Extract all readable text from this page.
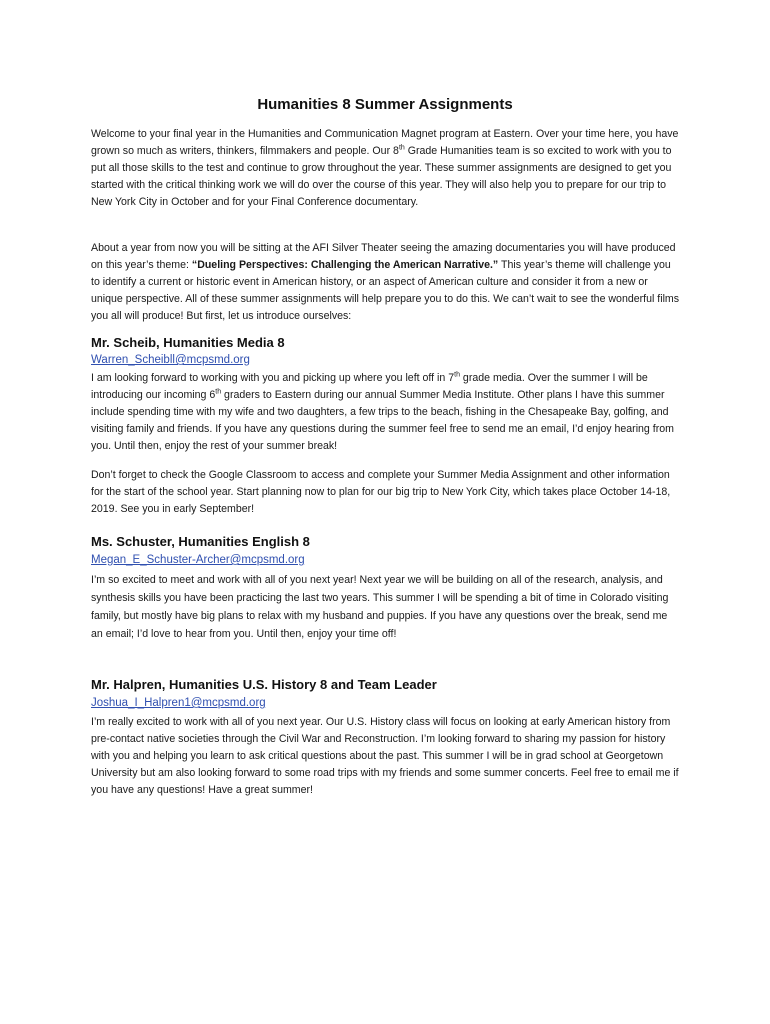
Humanities 8 Summer Assignments

Welcome to your final year in the Humanities and Communication Magnet program at Eastern. Over your time here, you have grown so much as writers, thinkers, filmmakers and people. Our 8th Grade Humanities team is so excited to work with you to put all those skills to the test and continue to grow throughout the year. These summer assignments are designed to get you started with the critical thinking work we will do over the course of this year. They will also help you to prepare for our trip to New York City in October and for your Final Conference documentary.

About a year from now you will be sitting at the AFI Silver Theater seeing the amazing documentaries you will have produced on this year’s theme: “Dueling Perspectives: Challenging the American Narrative.” This year’s theme will challenge you to identify a current or historic event in American history, or an aspect of American culture and consider it from a new or unique perspective. All of these summer assignments will help prepare you to do this. We can’t wait to see the wonderful films you all will produce! But first, let us introduce ourselves:

Mr. Scheib, Humanities Media 8
Warren_Scheibll@mcpsmd.org

I am looking forward to working with you and picking up where you left off in 7th grade media. Over the summer I will be introducing our incoming 6th graders to Eastern during our annual Summer Media Institute. Other plans I have this summer include spending time with my wife and two daughters, a few trips to the beach, fishing in the Chesapeake Bay, golfing, and visiting family and friends. If you have any questions during the summer feel free to send me an email, I’d enjoy hearing from you. Until then, enjoy the rest of your summer break!

Don’t forget to check the Google Classroom to access and complete your Summer Media Assignment and other information for the start of the school year. Start planning now to plan for our big trip to New York City, which takes place October 14-18, 2019. See you in early September!

Ms. Schuster, Humanities English 8
Megan_E_Schuster-Archer@mcpsmd.org

I’m so excited to meet and work with all of you next year! Next year we will be building on all of the research, analysis, and synthesis skills you have been practicing the last two years. This summer I will be spending a bit of time in Colorado visiting family, but mostly have big plans to relax with my husband and puppies. If you have any questions over the break, send me an email; I’d love to hear from you. Until then, enjoy your time off!

Mr. Halpren, Humanities U.S. History 8 and Team Leader
Joshua_I_Halpren1@mcpsmd.org

I’m really excited to work with all of you next year. Our U.S. History class will focus on looking at early American history from pre-contact native societies through the Civil War and Reconstruction. I’m looking forward to sharing my passion for history with you and helping you learn to ask critical questions about the past. This summer I will be in grad school at Georgetown University but am also looking forward to some road trips with my friends and some summer concerts. Feel free to email me if you have any questions! Have a great summer!
